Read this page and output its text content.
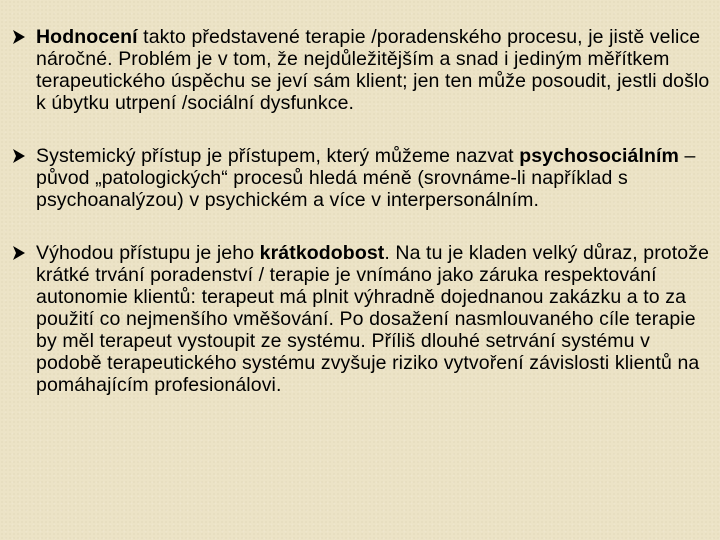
Hodnocení takto představené terapie /poradenského procesu, je jistě velice náročné. Problém je v tom, že nejdůležitějším a snad i jediným měřítkem terapeutického úspěchu se jeví sám klient; jen ten může posoudit, jestli došlo k úbytku utrpení /sociální dysfunkce.
Systemický přístup je přístupem, který můžeme nazvat psychosociálním – původ „patologických“ procesů hledá méně (srovnáme-li například s psychoanalýzou) v psychickém a více v interpersonálním.
Výhodou přístupu je jeho krátkodobost. Na tu je kladen velký důraz, protože krátké trvání poradenství / terapie je vnímáno jako záruka respektování autonomie klientů: terapeut má plnit výhradně dojednanou zakázku a to za použití co nejmenšího vměšování. Po dosažení nasmlouvaného cíle terapie by měl terapeut vystoupit ze systému. Příliš dlouhé setrvání systému v podobě terapeutického systému zvyšuje riziko vytvoření závislosti klientů na pomáhajícím profesionálovi.
